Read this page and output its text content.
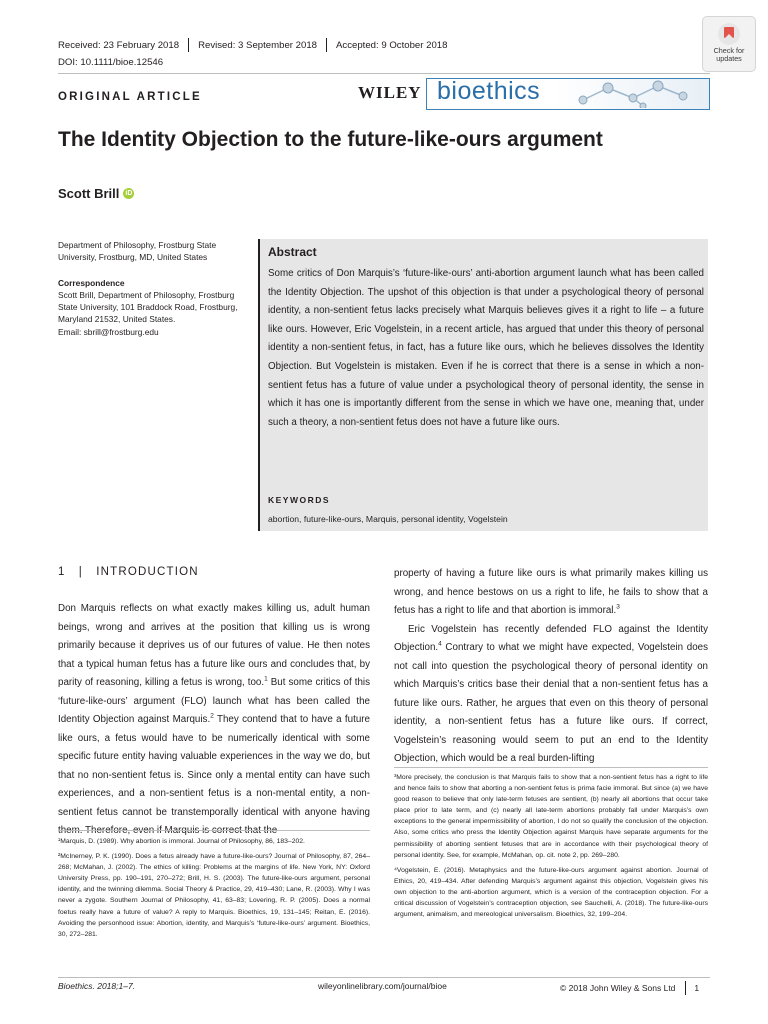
Received: 23 February 2018 Revised: 3 September 2018 Accepted: 9 October 2018
DOI: 10.1111/bioe.12546
Check for
updates
ORIGINAL ARTICLE	WILEY bioethics
The Identity Objection to the future-like-ours argument
Scott Brill iD
Department of Philosophy, Frostburg State University, Frostburg, MD, United States
Correspondence
Scott Brill, Department of Philosophy, Frostburg State University, 101 Braddock Road, Frostburg, Maryland 21532, United States.
Email: sbrill@frostburg.edu
Abstract
Some critics of Don Marquis’s ‘future-like-ours’ anti-abortion argument launch what has been called the Identity Objection. The upshot of this objection is that under a psychological theory of personal identity, a non-sentient fetus lacks precisely what Marquis believes gives it a right to life – a future like ours. However, Eric Vogelstein, in a recent article, has argued that under this theory of personal identity a non-sentient fetus, in fact, has a future like ours, which he believes dissolves the Identity Objection. But Vogelstein is mistaken. Even if he is correct that there is a sense in which a non-sentient fetus has a future of value under a psychological theory of personal identity, the sense in which it has one is importantly different from the sense in which we have one, meaning that, under such a theory, a non-sentient fetus does not have a future like ours.
KEYWORDS
abortion, future-like-ours, Marquis, personal identity, Vogelstein
1   |   INTRODUCTION

Don Marquis reflects on what exactly makes killing us, adult human beings, wrong and arrives at the position that killing us is wrong primarily because it deprives us of our futures of value. He then notes that a typical human fetus has a future like ours and concludes that, by parity of reasoning, killing a fetus is wrong, too.$^1$ But some critics of this ‘future-like-ours’ argument (FLO) launch what has been called the Identity Objection against Marquis.$^2$ They contend that to have a future like ours, a fetus would have to be numerically identical with some specific future entity having valuable experiences in the way we do, but that no non-sentient fetus is. Since only a mental entity can have such experiences, and a non-sentient fetus is a non-mental entity, a non-sentient fetus cannot be transtemporally identical with anyone having

property of having a future like ours is what primarily makes killing us wrong, and hence bestows on us a right to life, he fails to show that a fetus has a right to life and that abortion is immoral.$^3$

Eric Vogelstein has recently defended FLO against the Identity Objection.$^4$ Contrary to what we might have expected, Vogelstein does not call into question the psychological theory of personal identity on which Marquis’s critics base their denial that a non-sentient fetus has a future like ours. Rather, he argues that even on this theory of personal identity, a non-sentient fetus has a future like ours. If correct, Vogelstein’s reasoning would seem to put an end to the Identity Objection, which would be a real burden-lifting

¹Marquis, D. (1989). Why abortion is immoral. Journal of Philosophy, 86, 183–202.

²McInerney, P. K. (1990). Does a fetus already have a future-like-ours? Journal of Philosophy, 87, 264–268; McMahan, J. (2002). The ethics of killing: Problems at the margins of life. New York, NY: Oxford University Press, pp. 190–191, 270–272; Brill, H. S. (2003). The future-like-ours argument, personal identity, and the twinning dilemma. Social Theory & Practice, 29, 419–430; Lane, R. (2003). Why I was never a zygote. Southern Journal of Philosophy, 41, 63–83; Lovering, R. P. (2005). Does a normal foetus really have a future of value? A reply to Marquis. Bioethics, 19, 131–145; Reitan, E. (2016). Avoiding the personhood issue: Abortion, identity, and Marquis’s ‘future-like-ours’ argument. Bioethics, 30, 272–281.

³More precisely, the conclusion is that Marquis fails to show that a non-sentient fetus has a right to life and hence fails to show that aborting a non-sentient fetus is prima facie immoral. But since (a) we have good reason to believe that only late-term fetuses are sentient, (b) nearly all abortions that occur take place prior to late term, and (c) nearly all late-term abortions probably fall under Marquis’s own exceptions to the general impermissibility of abortion, I do not so qualify the conclusion of the objection. Also, some critics who press the Identity Objection against Marquis have separate arguments for the permissibility of aborting sentient fetuses that are in accordance with their psychological theory of personal identity. See, for example, McMahan, op. cit. note 2, pp. 269–280.

⁴Vogelstein, E. (2016). Metaphysics and the future-like-ours argument against abortion. Journal of Ethics, 20, 419–434. After defending Marquis’s argument against this objection, Vogelstein gives his own objection to the anti-abortion argument, which is a version of the contraception objection. For a critical discussion of Vogelstein’s contraception objection, see Sauchelli, A. (2018). The future-like-ours argument, animalism, and mereological universalism. Bioethics, 32, 199–204.

Bioethics. 2018;1–7.	wileyonlinelibrary.com/journal/bioe	© 2018 John Wiley & Sons Ltd 1
